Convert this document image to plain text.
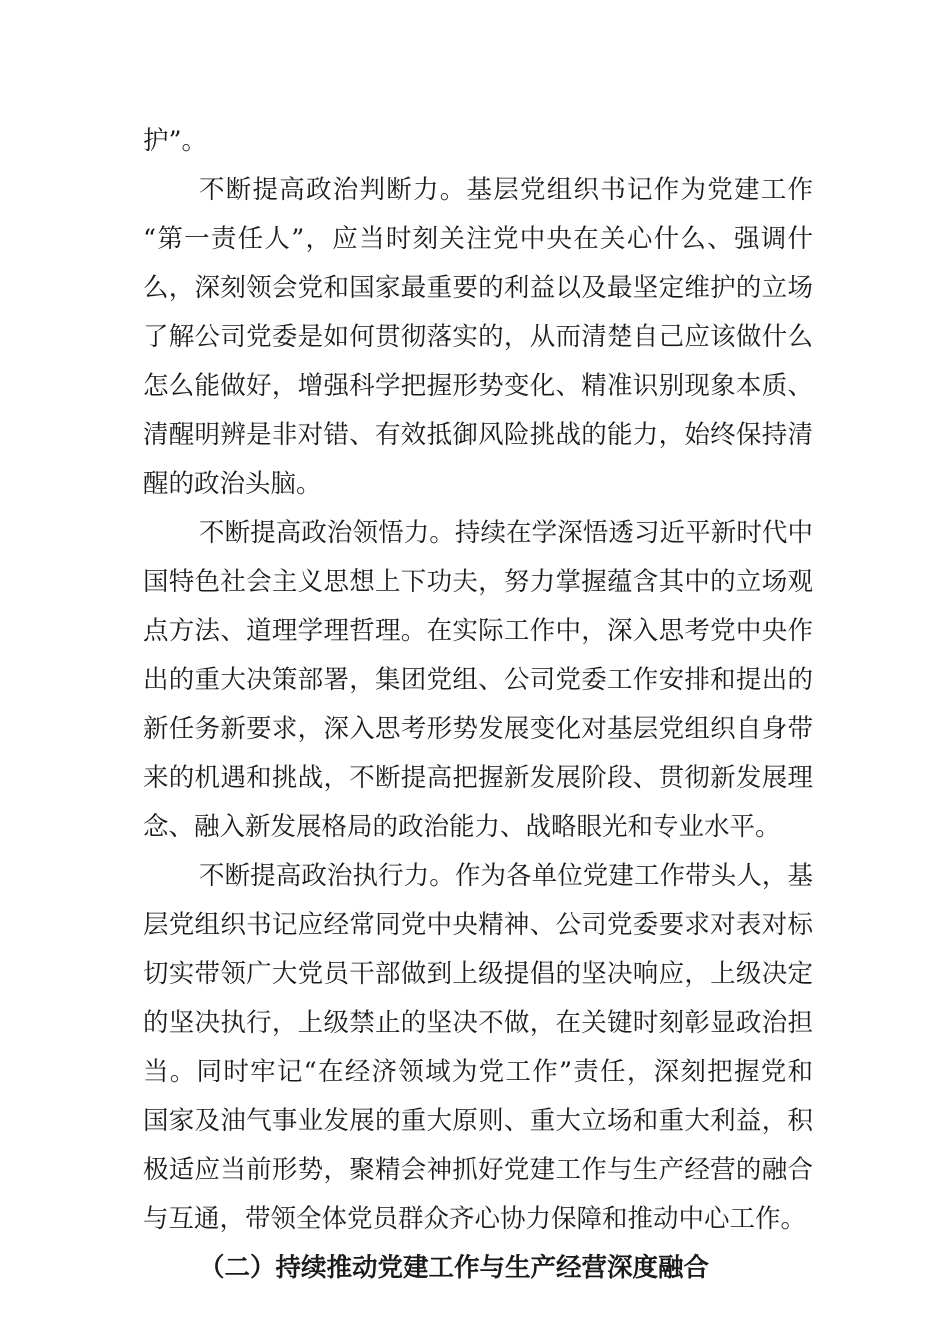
护”。
不断提高政治判断力。基层党组织书记作为党建工作
“第一责任人”，应当时刻关注党中央在关心什么、强调什
么，深刻领会党和国家最重要的利益以及最坚定维护的立场
了解公司党委是如何贯彻落实的，从而清楚自己应该做什么
怎么能做好，增强科学把握形势变化、精准识别现象本质、
清醒明辨是非对错、有效抵御风险挑战的能力，始终保持清
醒的政治头脑。
不断提高政治领悟力。持续在学深悟透习近平新时代中
国特色社会主义思想上下功夫，努力掌握蕴含其中的立场观
点方法、道理学理哲理。在实际工作中，深入思考党中央作
出的重大决策部署，集团党组、公司党委工作安排和提出的
新任务新要求，深入思考形势发展变化对基层党组织自身带
来的机遇和挑战，不断提高把握新发展阶段、贯彻新发展理
念、融入新发展格局的政治能力、战略眼光和专业水平。
不断提高政治执行力。作为各单位党建工作带头人，基
层党组织书记应经常同党中央精神、公司党委要求对表对标
切实带领广大党员干部做到上级提倡的坚决响应，上级决定
的坚决执行，上级禁止的坚决不做，在关键时刻彰显政治担
当。同时牢记“在经济领域为党工作”责任，深刻把握党和
国家及油气事业发展的重大原则、重大立场和重大利益，积
极适应当前形势，聚精会神抓好党建工作与生产经营的融合
与互通，带领全体党员群众齐心协力保障和推动中心工作。
（二）持续推动党建工作与生产经营深度融合
